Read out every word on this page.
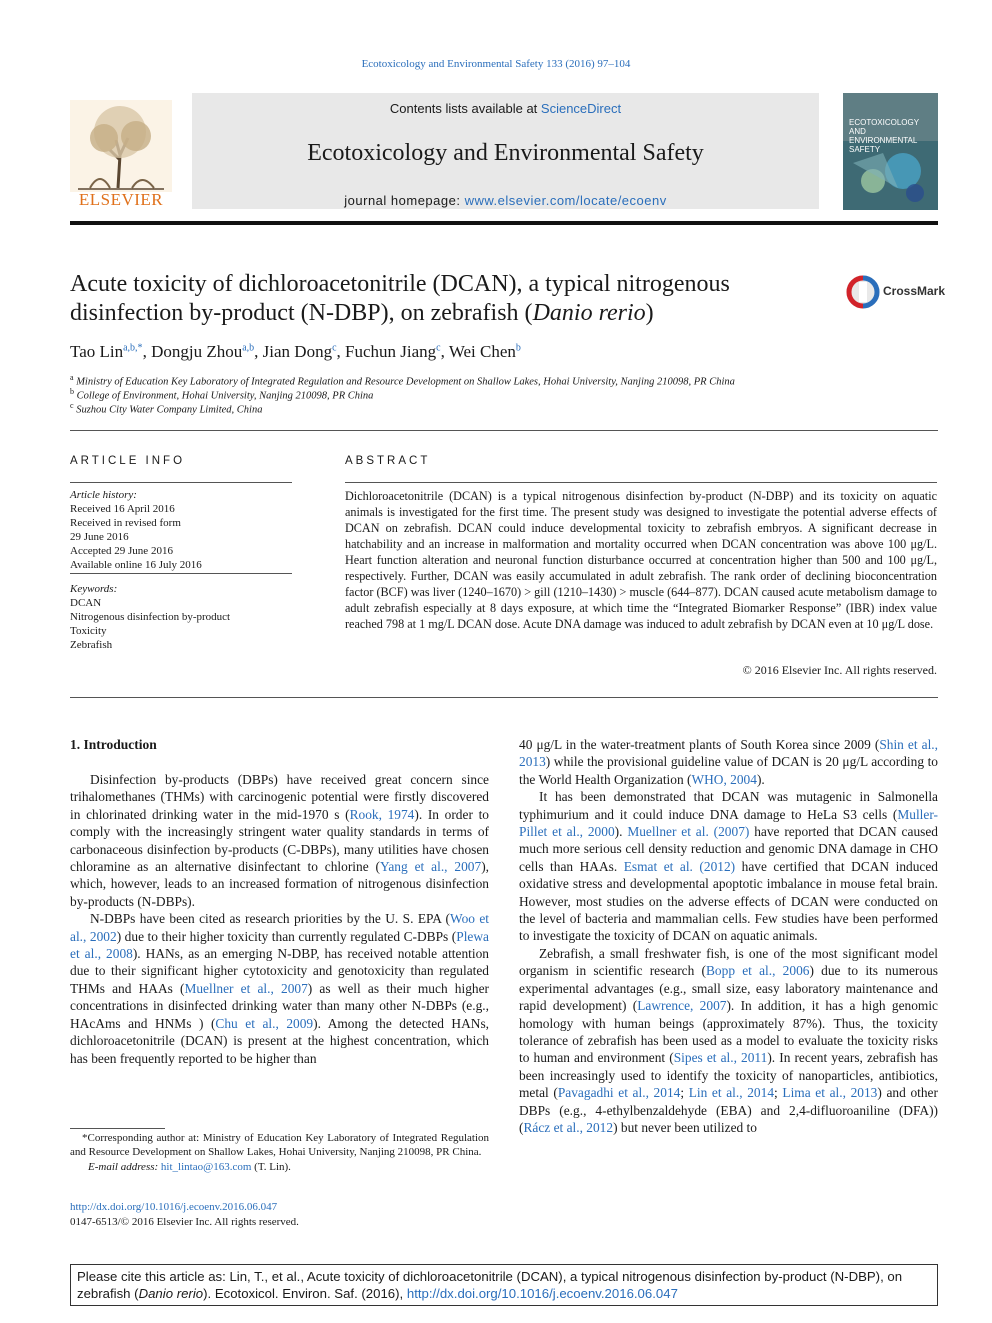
Ecotoxicology and Environmental Safety 133 (2016) 97–104
ELSEVIER
Contents lists available at ScienceDirect
Ecotoxicology and Environmental Safety
journal homepage: www.elsevier.com/locate/ecoenv
ECOTOXICOLOGY AND ENVIRONMENTAL SAFETY
Acute toxicity of dichloroacetonitrile (DCAN), a typical nitrogenous disinfection by-product (N-DBP), on zebrafish (Danio rerio)
CrossMark
Tao Lin$^{a,b,*}$, Dongju Zhou$^{a,b}$, Jian Dong$^c$, Fuchun Jiang$^c$, Wei Chen$^b$
$^a$ Ministry of Education Key Laboratory of Integrated Regulation and Resource Development on Shallow Lakes, Hohai University, Nanjing 210098, PR China
$^b$ College of Environment, Hohai University, Nanjing 210098, PR China
$^c$ Suzhou City Water Company Limited, China
ARTICLE INFO	ABSTRACT
Article history:
Received 16 April 2016
Received in revised form
29 June 2016
Accepted 29 June 2016
Available online 16 July 2016
Keywords:
DCAN
Nitrogenous disinfection by-product
Toxicity
Zebrafish
Dichloroacetonitrile (DCAN) is a typical nitrogenous disinfection by-product (N-DBP) and its toxicity on aquatic animals is investigated for the first time. The present study was designed to investigate the potential adverse effects of DCAN on zebrafish. DCAN could induce developmental toxicity to zebrafish embryos. A significant decrease in hatchability and an increase in malformation and mortality occurred when DCAN concentration was above 100 μg/L. Heart function alteration and neuronal function disturbance occurred at concentration higher than 500 and 100 μg/L, respectively. Further, DCAN was easily accumulated in adult zebrafish. The rank order of declining bioconcentration factor (BCF) was liver (1240–1670) > gill (1210–1430) > muscle (644–877). DCAN caused acute metabolism damage to adult zebrafish especially at 8 days exposure, at which time the “Integrated Biomarker Response” (IBR) index value reached 798 at 1 mg/L DCAN dose. Acute DNA damage was induced to adult zebrafish by DCAN even at 10 μg/L dose.
© 2016 Elsevier Inc. All rights reserved.
1. Introduction

Disinfection by-products (DBPs) have received great concern since trihalomethanes (THMs) with carcinogenic potential were firstly discovered in chlorinated drinking water in the mid-1970 s (Rook, 1974). In order to comply with the increasingly stringent water quality standards in terms of carbonaceous disinfection by-products (C-DBPs), many utilities have chosen chloramine as an alternative disinfectant to chlorine (Yang et al., 2007), which, however, leads to an increased formation of nitrogenous disinfection by-products (N-DBPs).

N-DBPs have been cited as research priorities by the U. S. EPA (Woo et al., 2002) due to their higher toxicity than currently regulated C-DBPs (Plewa et al., 2008). HANs, as an emerging N-DBP, has received notable attention due to their significant higher cytotoxicity and genotoxicity than regulated THMs and HAAs (Muellner et al., 2007) as well as their much higher concentrations in disinfected drinking water than many other N-DBPs (e.g., HAcAms and HNMs ) (Chu et al., 2009). Among the detected HANs, dichloroacetonitrile (DCAN) is present at the highest concentration, which has been frequently reported to be higher than

40 μg/L in the water-treatment plants of South Korea since 2009 (Shin et al., 2013) while the provisional guideline value of DCAN is 20 μg/L according to the World Health Organization (WHO, 2004).

It has been demonstrated that DCAN was mutagenic in Salmonella typhimurium and it could induce DNA damage to HeLa S3 cells (Muller-Pillet et al., 2000). Muellner et al. (2007) have reported that DCAN caused much more serious cell density reduction and genomic DNA damage in CHO cells than HAAs. Esmat et al. (2012) have certified that DCAN induced oxidative stress and developmental apoptotic imbalance in mouse fetal brain. However, most studies on the adverse effects of DCAN were conducted on the level of bacteria and mammalian cells. Few studies have been performed to investigate the toxicity of DCAN on aquatic animals.

Zebrafish, a small freshwater fish, is one of the most significant model organism in scientific research (Bopp et al., 2006) due to its numerous experimental advantages (e.g., small size, easy laboratory maintenance and rapid development) (Lawrence, 2007). In addition, it has a high genomic homology with human beings (approximately 87%). Thus, the toxicity tolerance of zebrafish has been used as a model to evaluate the toxicity risks to human and environment (Sipes et al., 2011). In recent years, zebrafish has been increasingly used to identify the toxicity of nanoparticles, antibiotics, metal (Pavagadhi et al., 2014; Lin et al., 2014; Lima et al., 2013) and other DBPs (e.g., 4-ethylbenzaldehyde (EBA) and 2,4-difluoroaniline (DFA)) (Rácz et al., 2012) but never been utilized to

*Corresponding author at: Ministry of Education Key Laboratory of Integrated Regulation and Resource Development on Shallow Lakes, Hohai University, Nanjing 210098, PR China.
E-mail address: hit_lintao@163.com (T. Lin).
http://dx.doi.org/10.1016/j.ecoenv.2016.06.047
0147-6513/© 2016 Elsevier Inc. All rights reserved.
Please cite this article as: Lin, T., et al., Acute toxicity of dichloroacetonitrile (DCAN), a typical nitrogenous disinfection by-product (N-DBP), on zebrafish (Danio rerio). Ecotoxicol. Environ. Saf. (2016), http://dx.doi.org/10.1016/j.ecoenv.2016.06.047
